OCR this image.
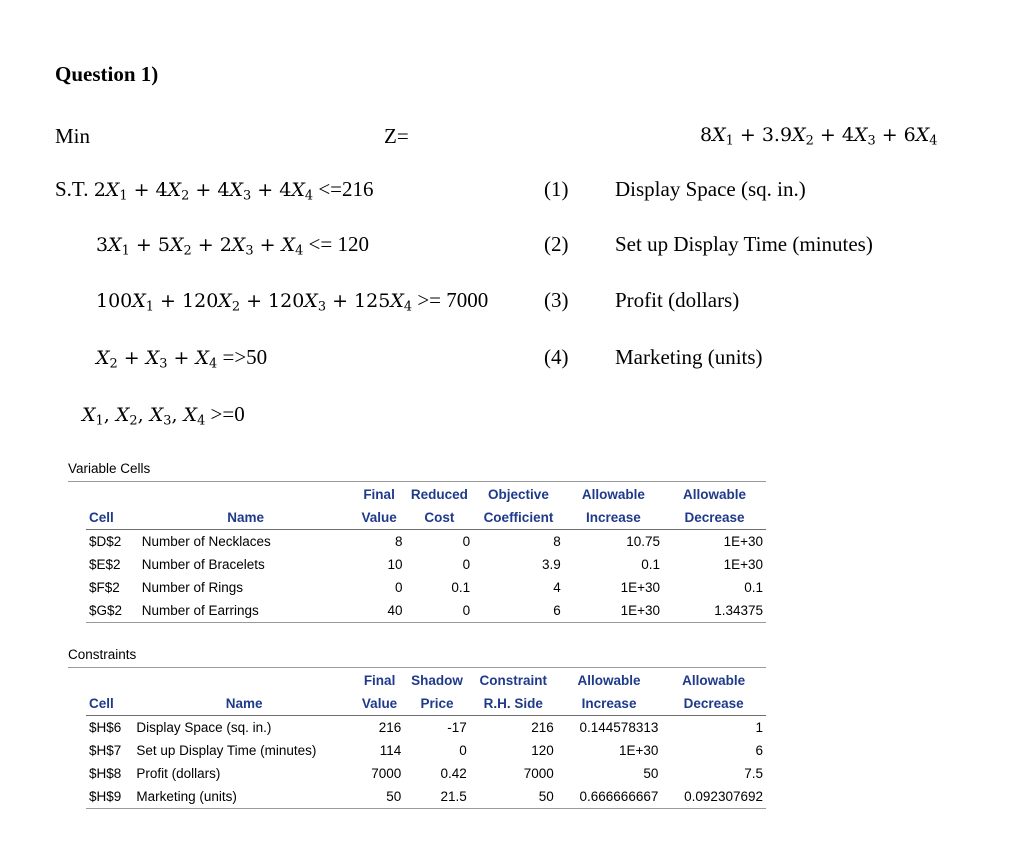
Question 1)
Min	Z=	$8X_1 + 3.9X_2 + 4X_3 + 6X_4$
S.T. $2X_1 + 4X_2 + 4X_3 + 4X_4 <=216$	(1) Display Space (sq. in.)
$3X_1 + 5X_2 + 2X_3 + X_4 <= 120$	(2) Set up Display Time (minutes)
$100X_1 + 120X_2 + 120X_3 + 125X_4 >= 7000$	(3) Profit (dollars)
$X_2 + X_3 + X_4 =>50$	(4) Marketing (units)
$X_1$, $X_2$, $X_3$, $X_4 >=0$
Variable Cells
		Final	Reduced	Objective	Allowable	Allowable
Cell	Name	Value	Cost	Coefficient	Increase	Decrease
$D$2	Number of Necklaces	8	0	8	10.75	1E+30
$E$2	Number of Bracelets	10	0	3.9	0.1	1E+30
$F$2	Number of Rings	0	0.1	4	1E+30	0.1
$G$2	Number of Earrings	40	0	6	1E+30	1.34375
Constraints
		Final	Shadow	Constraint	Allowable	Allowable
Cell	Name	Value	Price	R.H. Side	Increase	Decrease
$H$6	Display Space (sq. in.)	216	-17	216	0.144578313	1
$H$7	Set up Display Time (minutes)	114	0	120	1E+30	6
$H$8	Profit (dollars)	7000	0.42	7000	50	7.5
$H$9	Marketing (units)	50	21.5	50	0.666666667	0.092307692
